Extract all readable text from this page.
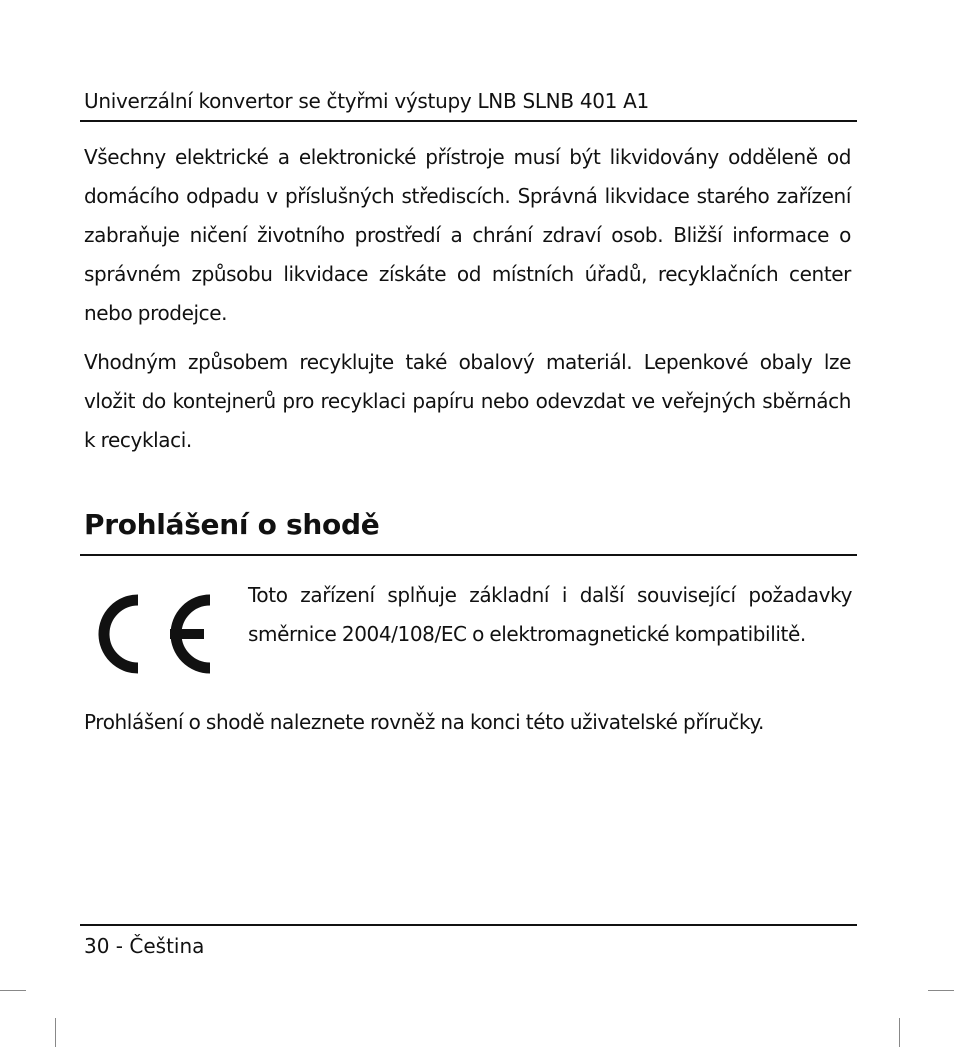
Univerzální konvertor se čtyřmi výstupy LNB SLNB 401 A1

Všechny elektrické a elektronické přístroje musí být likvidovány odděleně od domácího odpadu v příslušných střediscích. Správná likvidace starého zařízení zabraňuje ničení životního prostředí a chrání zdraví osob. Bližší informace o správném způsobu likvidace získáte od místních úřadů, recyklačních center nebo prodejce.

Vhodným způsobem recyklujte také obalový materiál. Lepenkové obaly lze vložit do kontejnerů pro recyklaci papíru nebo odevzdat ve veřejných sběrnách k recyklaci.

Prohlášení o shodě

Toto zařízení splňuje základní i další související požadavky směrnice 2004/108/EC o elektromagnetické kompatibilitě.

Prohlášení o shodě naleznete rovněž na konci této uživatelské příručky.

30 - Čeština
